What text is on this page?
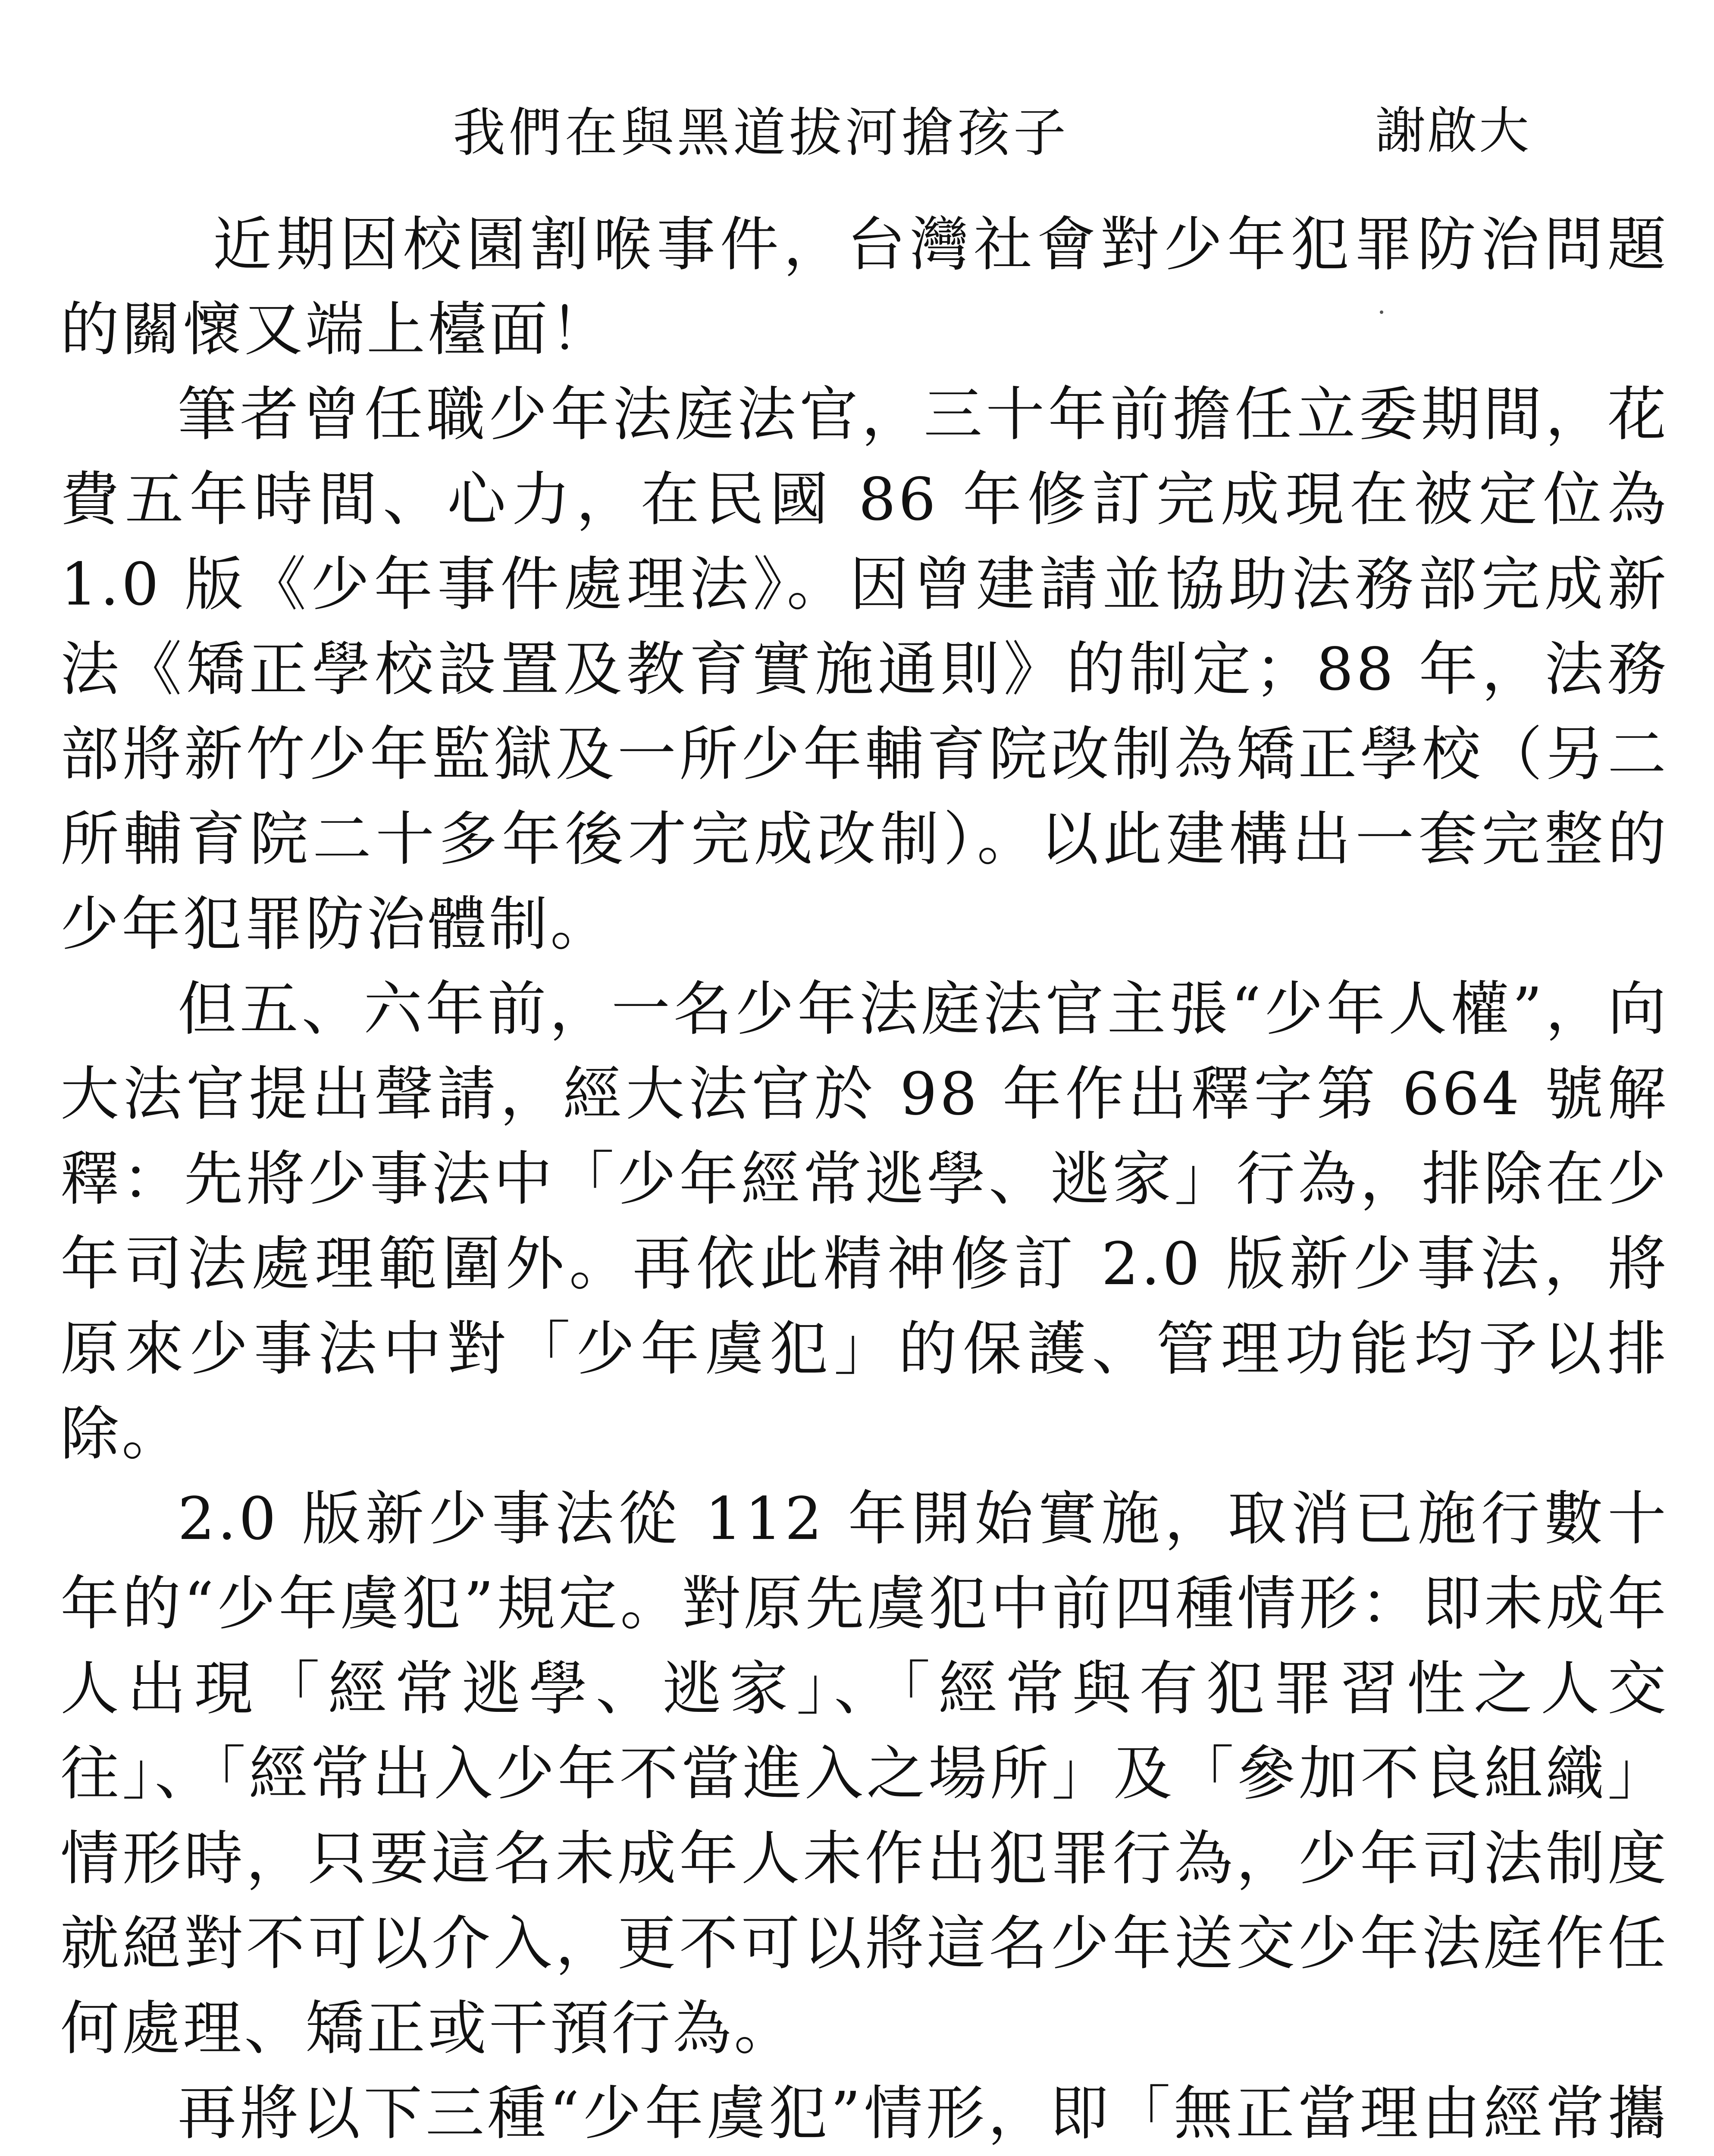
我們在與黑道拔河搶孩子	謝啟大

近期因校園割喉事件，台灣社會對少年犯罪防治問題的關懷又端上檯面！

筆者曾任職少年法庭法官，三十年前擔任立委期間，花費五年時間、心力，在民國 86 年修訂完成現在被定位為 1.0 版《少年事件處理法》。因曾建請並協助法務部完成新法《矯正學校設置及教育實施通則》的制定；88 年，法務部將新竹少年監獄及一所少年輔育院改制為矯正學校（另二所輔育院二十多年後才完成改制）。以此建構出一套完整的少年犯罪防治體制。

但五、六年前，一名少年法庭法官主張“少年人權”，向大法官提出聲請，經大法官於 98 年作出釋字第 664 號解釋：先將少事法中「少年經常逃學、逃家」行為，排除在少年司法處理範圍外。再依此精神修訂 2.0 版新少事法，將原來少事法中對「少年虞犯」的保護、管理功能均予以排除。

2.0 版新少事法從 112 年開始實施，取消已施行數十年的“少年虞犯”規定。對原先虞犯中前四種情形：即未成年人出現「經常逃學、逃家」、「經常與有犯罪習性之人交往」、「經常出入少年不當進入之場所」及「參加不良組織」情形時，只要這名未成年人未作出犯罪行為，少年司法制度就絕對不可以介入，更不可以將這名少年送交少年法庭作任何處理、矯正或干預行為。

再將以下三種“少年虞犯”情形，即「無正當理由經常攜
